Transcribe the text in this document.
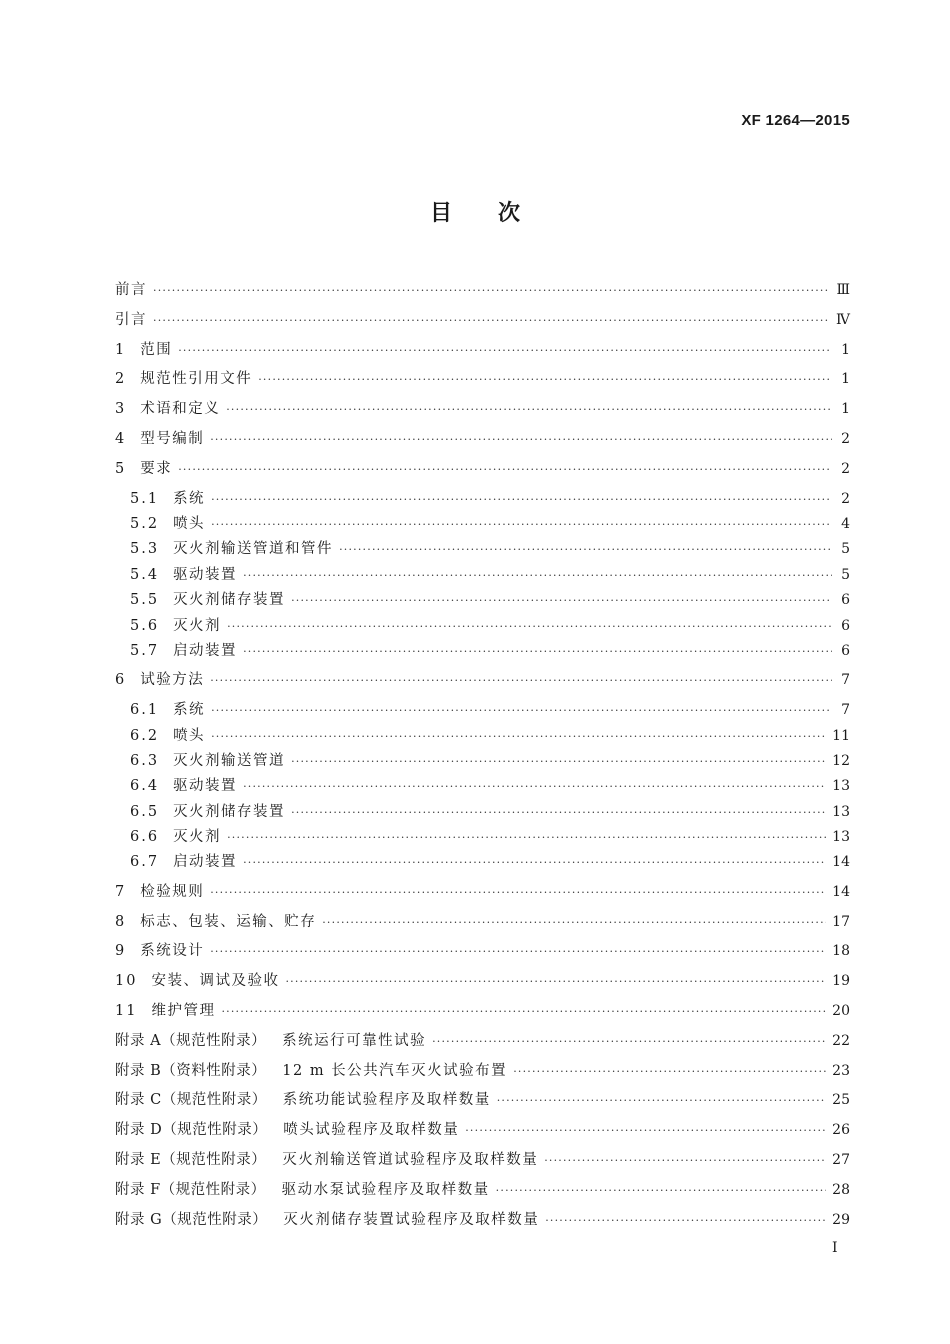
XF 1264—2015
目次
前言 ·····	Ⅲ
引言 ·····	Ⅳ
1 范围 ·····	1
2 规范性引用文件 ·····	1
3 术语和定义 ·····	1
4 型号编制 ·····	2
5 要求 ·····	2
5.1 系统 ·····	2
5.2 喷头 ·····	4
5.3 灭火剂输送管道和管件 ·····	5
5.4 驱动装置 ·····	5
5.5 灭火剂储存装置 ·····	6
5.6 灭火剂 ·····	6
5.7 启动装置 ·····	6
6 试验方法 ·····	7
6.1 系统 ·····	7
6.2 喷头 ·····	11
6.3 灭火剂输送管道 ·····	12
6.4 驱动装置 ·····	13
6.5 灭火剂储存装置 ·····	13
6.6 灭火剂 ·····	13
6.7 启动装置 ·····	14
7 检验规则 ·····	14
8 标志、包装、运输、贮存 ·····	17
9 系统设计 ·····	18
10 安装、调试及验收 ·····	19
11 维护管理 ·····	20
附录 A（规范性附录） 系统运行可靠性试验 ·····	22
附录 B（资料性附录） 12 m 长公共汽车灭火试验布置 ·····	23
附录 C（规范性附录） 系统功能试验程序及取样数量 ·····	25
附录 D（规范性附录） 喷头试验程序及取样数量 ·····	26
附录 E（规范性附录） 灭火剂输送管道试验程序及取样数量 ·····	27
附录 F（规范性附录） 驱动水泵试验程序及取样数量 ·····	28
附录 G（规范性附录） 灭火剂储存装置试验程序及取样数量 ·····	29
Ⅰ
